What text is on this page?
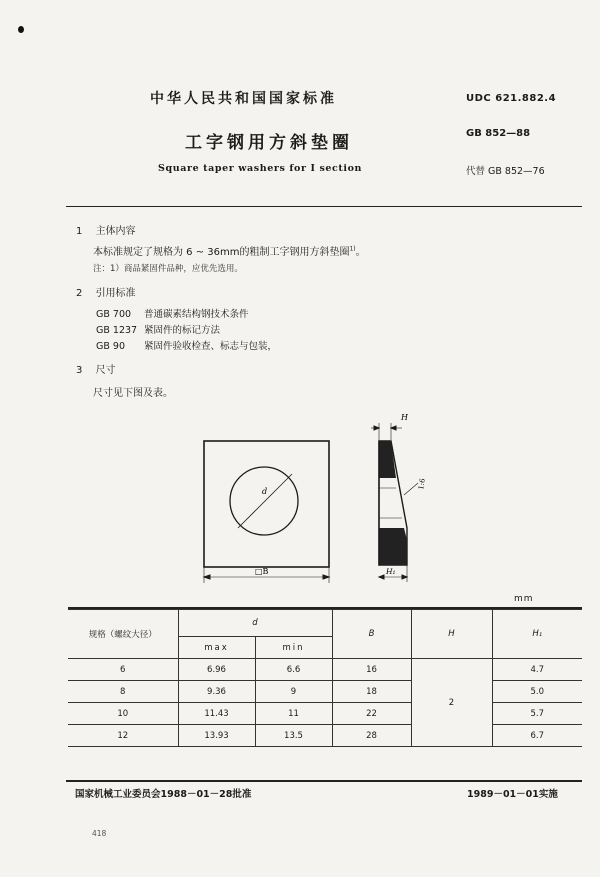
中华人民共和国国家标准	UDC 621.882.4
工字钢用方斜垫圈	GB 852—88
Square taper washers for I section	代替 GB 852—76
1 主体内容
本标准规定了规格为 6 ~ 36mm的粗制工字钢用方斜垫圈$^{1)}$。
注：1）商品紧固件品种，应优先选用。
2 引用标准
GB 700 普通碳素结构钢技术条件
GB 1237 紧固件的标记方法
GB 90 紧固件验收检查、标志与包装，
3 尺寸
尺寸见下图及表。
d
□B
H
H₁
1:6
mm
规格（螺纹大径）	d		B	H	H₁
	max	min			
6	6.96	6.6	16	2	4.7
8	9.36	9	18		5.0
10	11.43	11	22		5.7
12	13.93	13.5	28		6.7
国家机械工业委员会1988－01－28批准	1989－01－01实施
418
